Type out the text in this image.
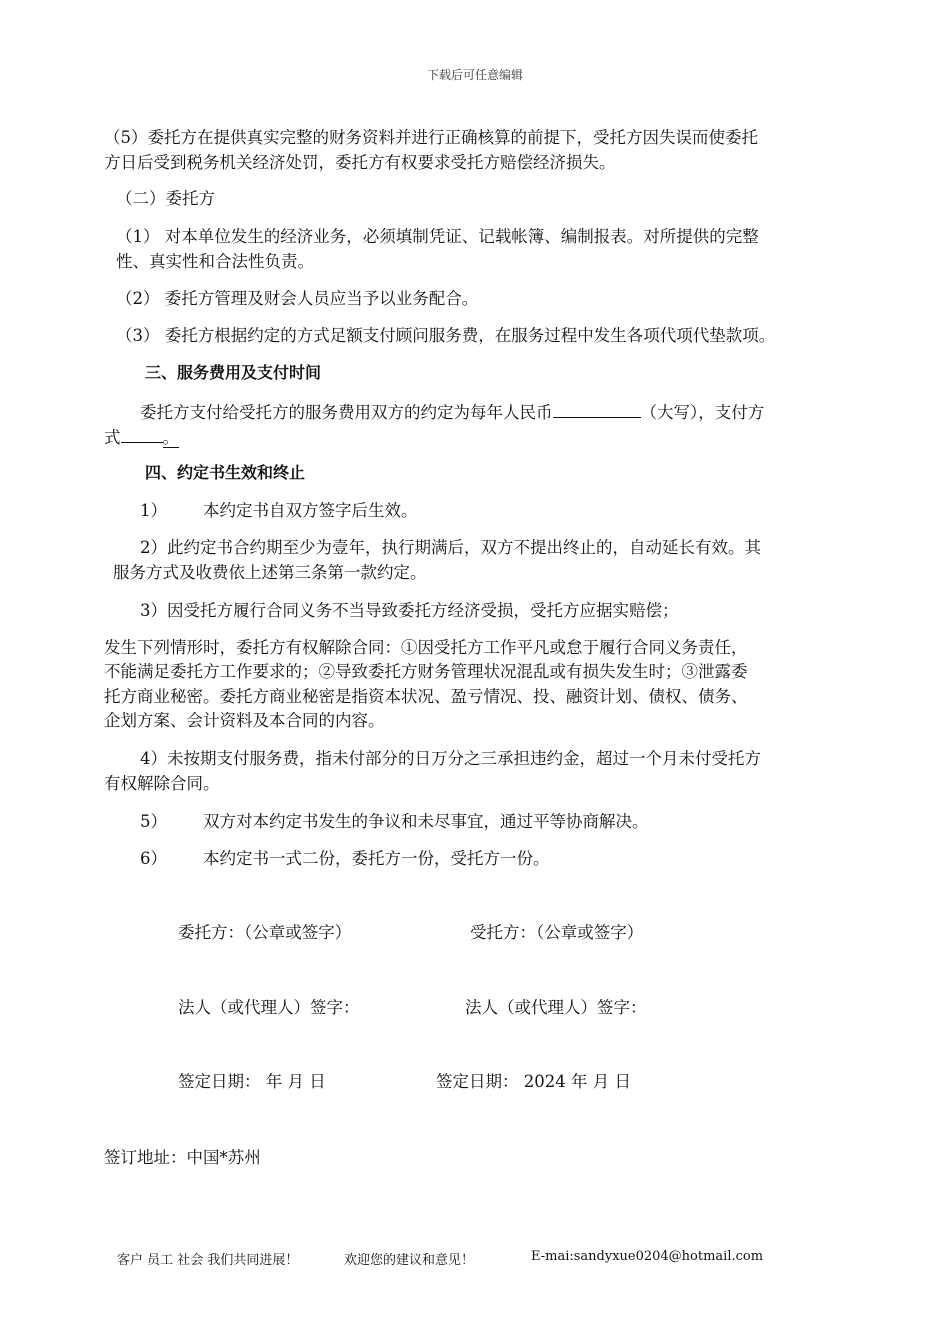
下载后可任意编辑
（5）委托方在提供真实完整的财务资料并进行正确核算的前提下，受托方因失误而使委托
方日后受到税务机关经济处罚，委托方有权要求受托方赔偿经济损失。
（二）委托方
（1） 对本单位发生的经济业务，必须填制凭证、记载帐簿、编制报表。对所提供的完整
性、真实性和合法性负责。
（2） 委托方管理及财会人员应当予以业务配合。
（3） 委托方根据约定的方式足额支付顾问服务费，在服务过程中发生各项代项代垫款项。
三、服务费用及支付时间
委托方支付给受托方的服务费用双方的约定为每年人民币	（大写），支付方
式	。
四、约定书生效和终止
1） 本约定书自双方签字后生效。
2）此约定书合约期至少为壹年，执行期满后，双方不提出终止的，自动延长有效。其
服务方式及收费依上述第三条第一款约定。
3）因受托方履行合同义务不当导致委托方经济受损，受托方应据实赔偿；
发生下列情形时，委托方有权解除合同：①因受托方工作平凡或怠于履行合同义务责任，
不能满足委托方工作要求的；②导致委托方财务管理状况混乱或有损失发生时；③泄露委
托方商业秘密。委托方商业秘密是指资本状况、盈亏情况、投、融资计划、债权、债务、
企划方案、会计资料及本合同的内容。
4）未按期支付服务费，指未付部分的日万分之三承担违约金，超过一个月未付受托方
有权解除合同。
5） 双方对本约定书发生的争议和未尽事宜，通过平等协商解决。
6） 本约定书一式二份，委托方一份，受托方一份。
委托方：（公章或签字）	受托方：（公章或签字）
法人（或代理人）签字：	法人（或代理人）签字：
签定日期： 年 月 日	签定日期： 2024 年 月 日
签订地址：中国*苏州
客户 员工 社会 我们共同进展！	欢迎您的建议和意见！	E-mai:sandyxue0204@hotmail.com
